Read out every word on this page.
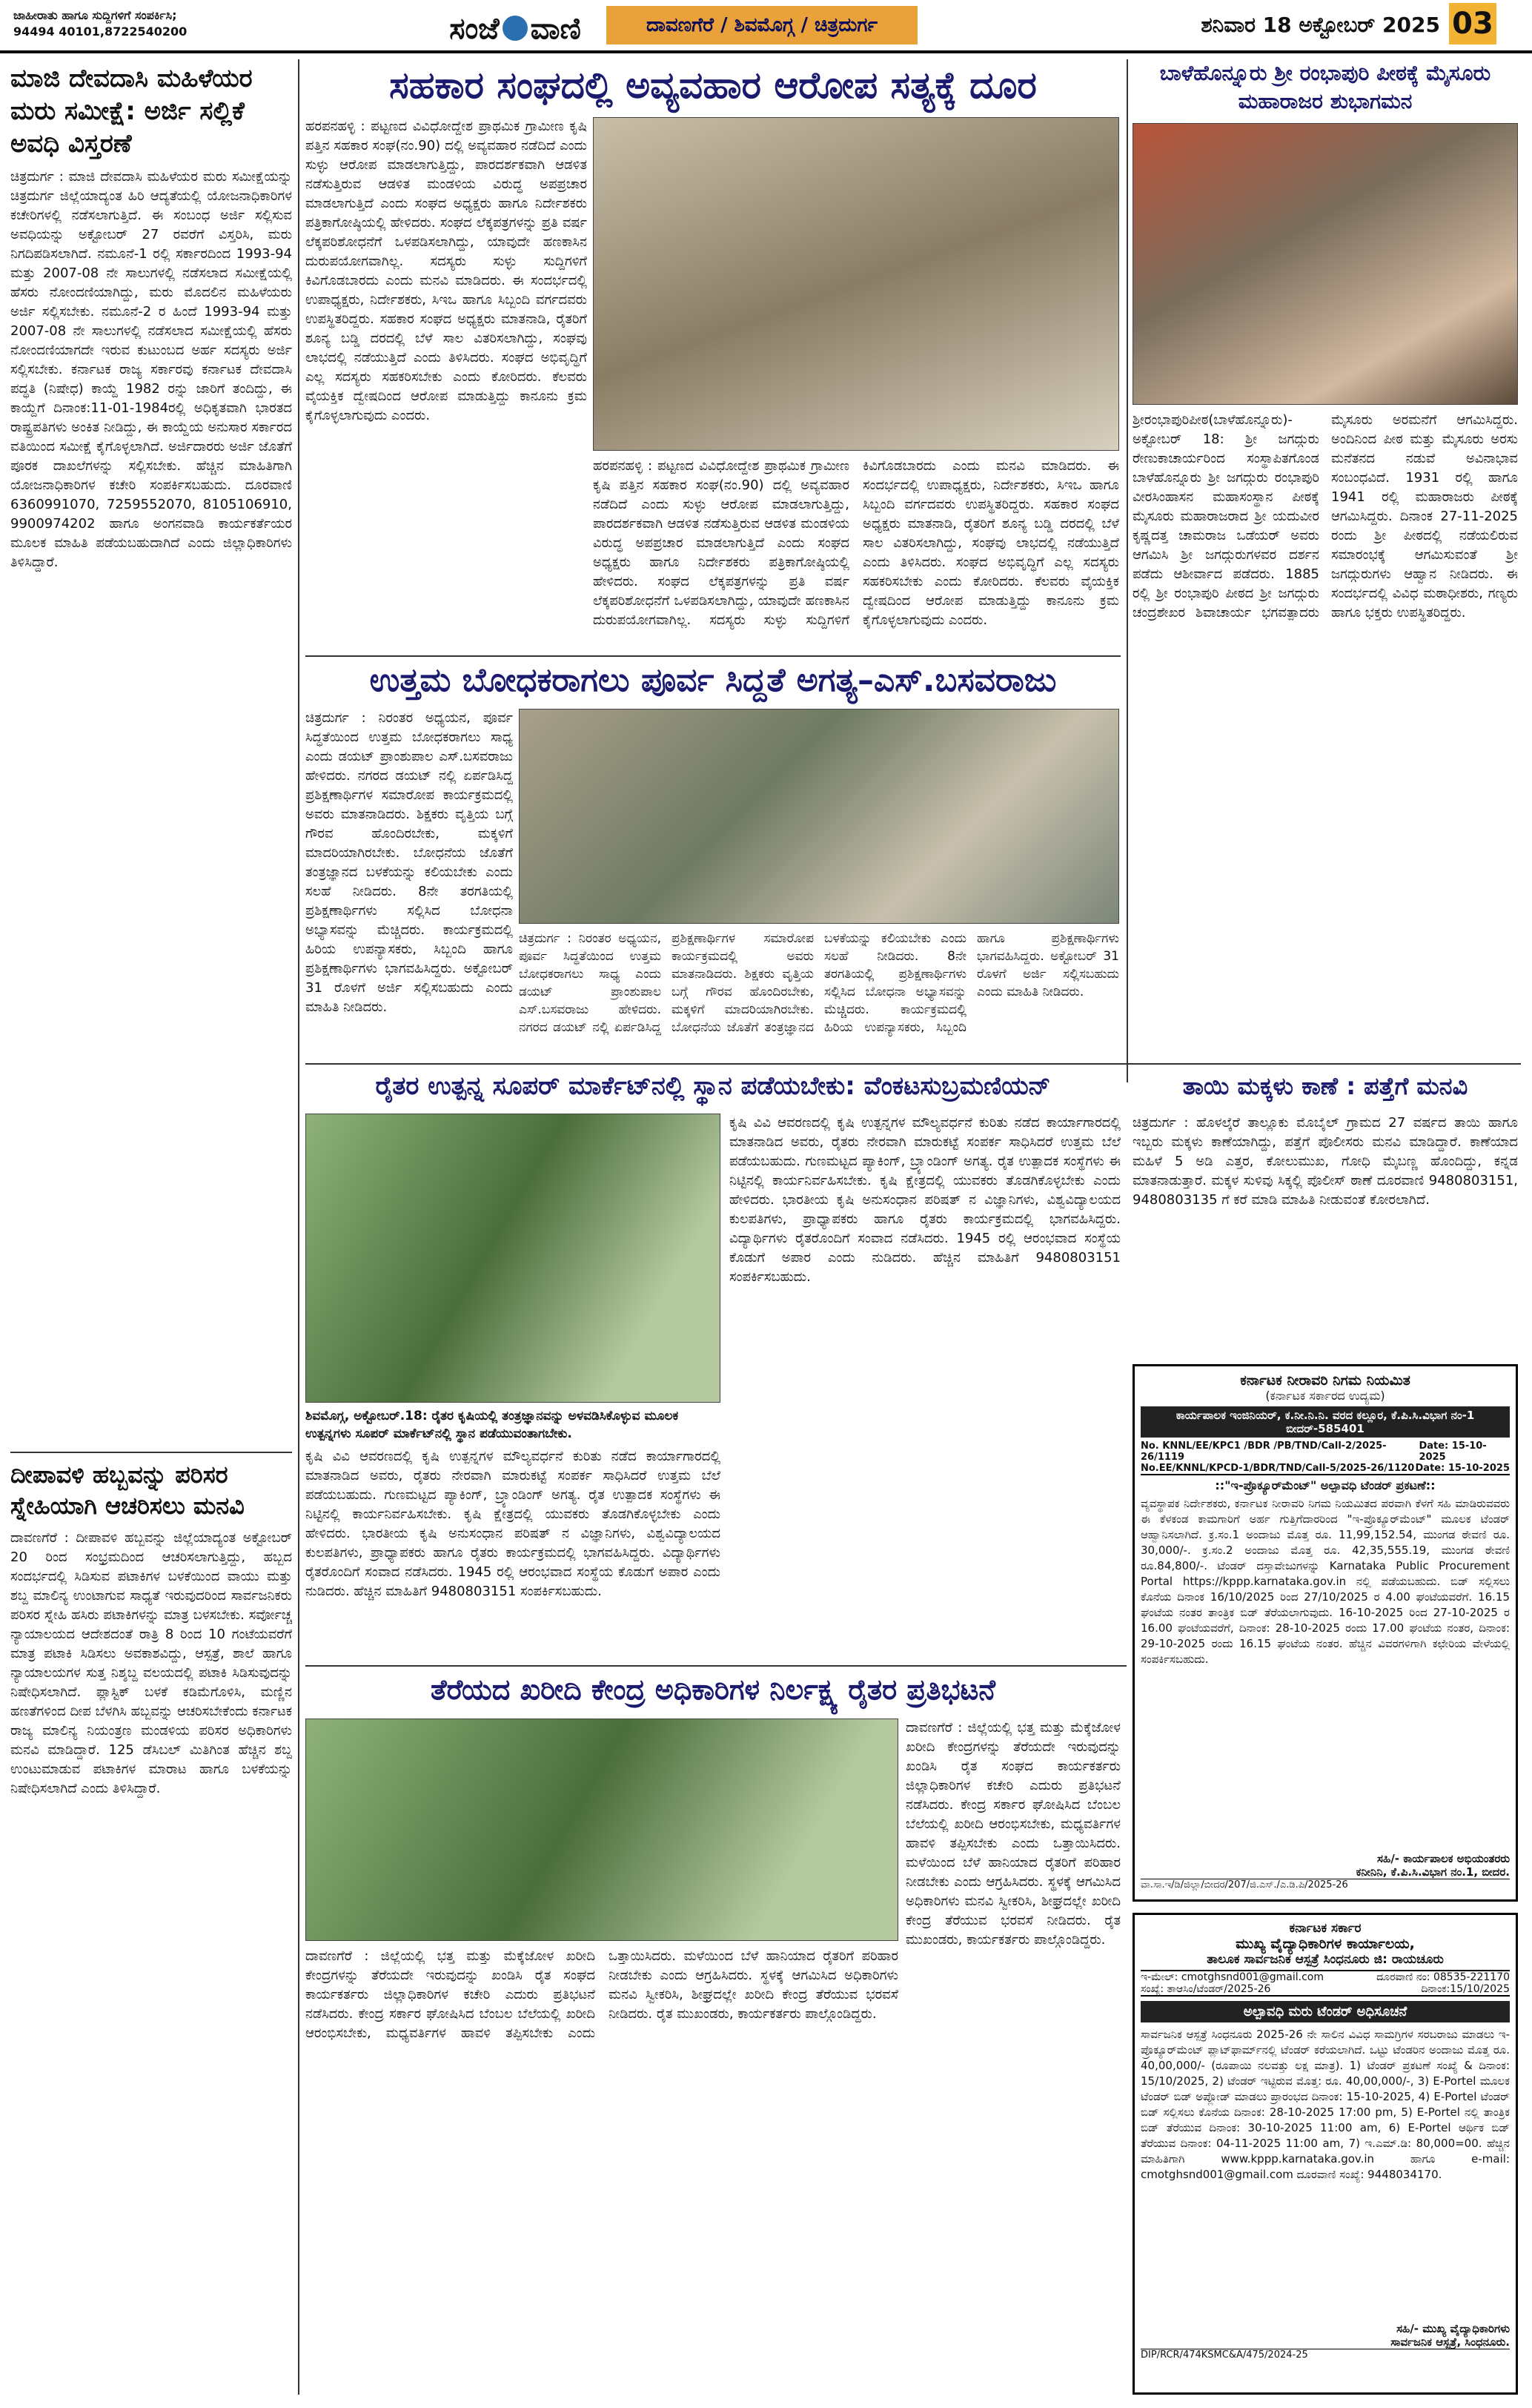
ಜಾಹೀರಾತು ಹಾಗೂ ಸುದ್ದಿಗಳಿಗೆ ಸಂಪರ್ಕಿಸಿ;
94494 40101,8722540200	ಸಂಜೆ ವಾಣಿ	ದಾವಣಗೆರೆ / ಶಿವಮೊಗ್ಗ / ಚಿತ್ರದುರ್ಗ	ಶನಿವಾರ 18 ಅಕ್ಟೋಬರ್ 2025 03
ಮಾಜಿ ದೇವದಾಸಿ ಮಹಿಳೆಯರ ಮರು ಸಮೀಕ್ಷೆ: ಅರ್ಜಿ ಸಲ್ಲಿಕೆ ಅವಧಿ ವಿಸ್ತರಣೆ
ಚಿತ್ರದುರ್ಗ : ಮಾಜಿ ದೇವದಾಸಿ ಮಹಿಳೆಯರ ಮರು ಸಮೀಕ್ಷೆಯನ್ನು ಚಿತ್ರದುರ್ಗ ಜಿಲ್ಲೆಯಾದ್ಯಂತ ಹಿರಿ ಆದ್ಯತೆಯಲ್ಲಿ ಯೋಜನಾಧಿಕಾರಿಗಳ ಕಚೇರಿಗಳಲ್ಲಿ ನಡೆಸಲಾಗುತ್ತಿದೆ. ಈ ಸಂಬಂಧ ಅರ್ಜಿ ಸಲ್ಲಿಸುವ ಅವಧಿಯನ್ನು ಅಕ್ಟೋಬರ್ 27 ರವರೆಗೆ ವಿಸ್ತರಿಸಿ, ಮರು ನಿಗದಿಪಡಿಸಲಾಗಿದೆ. ನಮೂನೆ-1 ರಲ್ಲಿ ಸರ್ಕಾರದಿಂದ 1993-94 ಮತ್ತು 2007-08 ನೇ ಸಾಲುಗಳಲ್ಲಿ ನಡೆಸಲಾದ ಸಮೀಕ್ಷೆಯಲ್ಲಿ ಹೆಸರು ನೋಂದಣಿಯಾಗಿದ್ದು, ಮರು ಮೊದಲಿನ ಮಹಿಳೆಯರು ಅರ್ಜಿ ಸಲ್ಲಿಸಬೇಕು. ನಮೂನೆ-2 ರ ಹಿಂದೆ 1993-94 ಮತ್ತು 2007-08 ನೇ ಸಾಲುಗಳಲ್ಲಿ ನಡೆಸಲಾದ ಸಮೀಕ್ಷೆಯಲ್ಲಿ ಹೆಸರು ನೋಂದಣಿಯಾಗದೇ ಇರುವ ಕುಟುಂಬದ ಅರ್ಹ ಸದಸ್ಯರು ಅರ್ಜಿ ಸಲ್ಲಿಸಬೇಕು. ಕರ್ನಾಟಕ ರಾಜ್ಯ ಸರ್ಕಾರವು ಕರ್ನಾಟಕ ದೇವದಾಸಿ ಪದ್ಧತಿ (ನಿಷೇಧ) ಕಾಯ್ದೆ 1982 ರನ್ನು ಜಾರಿಗೆ ತಂದಿದ್ದು, ಈ ಕಾಯ್ದೆಗೆ ದಿನಾಂಕ:11-01-1984ರಲ್ಲಿ ಅಧಿಕೃತವಾಗಿ ಭಾರತದ ರಾಷ್ಟ್ರಪತಿಗಳು ಅಂಕಿತ ನೀಡಿದ್ದು, ಈ ಕಾಯ್ದೆಯ ಅನುಸಾರ ಸರ್ಕಾರದ ವತಿಯಿಂದ ಸಮೀಕ್ಷೆ ಕೈಗೊಳ್ಳಲಾಗಿದೆ. ಅರ್ಜಿದಾರರು ಅರ್ಜಿ ಜೊತೆಗೆ ಪೂರಕ ದಾಖಲೆಗಳನ್ನು ಸಲ್ಲಿಸಬೇಕು. ಹೆಚ್ಚಿನ ಮಾಹಿತಿಗಾಗಿ ಯೋಜನಾಧಿಕಾರಿಗಳ ಕಚೇರಿ ಸಂಪರ್ಕಿಸಬಹುದು. ದೂರವಾಣಿ 6360991070, 7259552070, 8105106910, 9900974202 ಹಾಗೂ ಅಂಗನವಾಡಿ ಕಾರ್ಯಕರ್ತೆಯರ ಮೂಲಕ ಮಾಹಿತಿ ಪಡೆಯಬಹುದಾಗಿದೆ ಎಂದು ಜಿಲ್ಲಾಧಿಕಾರಿಗಳು ತಿಳಿಸಿದ್ದಾರೆ.
ದೀಪಾವಳಿ ಹಬ್ಬವನ್ನು ಪರಿಸರ ಸ್ನೇಹಿಯಾಗಿ ಆಚರಿಸಲು ಮನವಿ
ದಾವಣಗೆರೆ : ದೀಪಾವಳಿ ಹಬ್ಬವನ್ನು ಜಿಲ್ಲೆಯಾದ್ಯಂತ ಅಕ್ಟೋಬರ್ 20 ರಿಂದ ಸಂಭ್ರಮದಿಂದ ಆಚರಿಸಲಾಗುತ್ತಿದ್ದು, ಹಬ್ಬದ ಸಂದರ್ಭದಲ್ಲಿ ಸಿಡಿಸುವ ಪಟಾಕಿಗಳ ಬಳಕೆಯಿಂದ ವಾಯು ಮತ್ತು ಶಬ್ದ ಮಾಲಿನ್ಯ ಉಂಟಾಗುವ ಸಾಧ್ಯತೆ ಇರುವುದರಿಂದ ಸಾರ್ವಜನಿಕರು ಪರಿಸರ ಸ್ನೇಹಿ ಹಸಿರು ಪಟಾಕಿಗಳನ್ನು ಮಾತ್ರ ಬಳಸಬೇಕು. ಸರ್ವೋಚ್ಚ ನ್ಯಾಯಾಲಯದ ಆದೇಶದಂತೆ ರಾತ್ರಿ 8 ರಿಂದ 10 ಗಂಟೆಯವರೆಗೆ ಮಾತ್ರ ಪಟಾಕಿ ಸಿಡಿಸಲು ಅವಕಾಶವಿದ್ದು, ಆಸ್ಪತ್ರೆ, ಶಾಲೆ ಹಾಗೂ ನ್ಯಾಯಾಲಯಗಳ ಸುತ್ತ ನಿಶ್ಶಬ್ದ ವಲಯದಲ್ಲಿ ಪಟಾಕಿ ಸಿಡಿಸುವುದನ್ನು ನಿಷೇಧಿಸಲಾಗಿದೆ. ಪ್ಲಾಸ್ಟಿಕ್ ಬಳಕೆ ಕಡಿಮೆಗೊಳಿಸಿ, ಮಣ್ಣಿನ ಹಣತೆಗಳಿಂದ ದೀಪ ಬೆಳಗಿಸಿ ಹಬ್ಬವನ್ನು ಆಚರಿಸಬೇಕೆಂದು ಕರ್ನಾಟಕ ರಾಜ್ಯ ಮಾಲಿನ್ಯ ನಿಯಂತ್ರಣ ಮಂಡಳಿಯ ಪರಿಸರ ಅಧಿಕಾರಿಗಳು ಮನವಿ ಮಾಡಿದ್ದಾರೆ. 125 ಡೆಸಿಬಲ್ ಮಿತಿಗಿಂತ ಹೆಚ್ಚಿನ ಶಬ್ದ ಉಂಟುಮಾಡುವ ಪಟಾಕಿಗಳ ಮಾರಾಟ ಹಾಗೂ ಬಳಕೆಯನ್ನು ನಿಷೇಧಿಸಲಾಗಿದೆ ಎಂದು ತಿಳಿಸಿದ್ದಾರೆ.
ಸಹಕಾರ ಸಂಘದಲ್ಲಿ ಅವ್ಯವಹಾರ ಆರೋಪ ಸತ್ಯಕ್ಕೆ ದೂರ
ಹರಪನಹಳ್ಳಿ : ಪಟ್ಟಣದ ವಿವಿಧೋದ್ದೇಶ ಪ್ರಾಥಮಿಕ ಗ್ರಾಮೀಣ ಕೃಷಿ ಪತ್ತಿನ ಸಹಕಾರ ಸಂಘ(ನಂ.90) ದಲ್ಲಿ ಅವ್ಯವಹಾರ ನಡೆದಿದೆ ಎಂದು ಸುಳ್ಳು ಆರೋಪ ಮಾಡಲಾಗುತ್ತಿದ್ದು, ಪಾರದರ್ಶಕವಾಗಿ ಆಡಳಿತ ನಡೆಸುತ್ತಿರುವ ಆಡಳಿತ ಮಂಡಳಿಯ ವಿರುದ್ಧ ಅಪಪ್ರಚಾರ ಮಾಡಲಾಗುತ್ತಿದೆ ಎಂದು ಸಂಘದ ಅಧ್ಯಕ್ಷರು ಹಾಗೂ ನಿರ್ದೇಶಕರು ಪತ್ರಿಕಾಗೋಷ್ಠಿಯಲ್ಲಿ ಹೇಳಿದರು. ಸಂಘದ ಲೆಕ್ಕಪತ್ರಗಳನ್ನು ಪ್ರತಿ ವರ್ಷ ಲೆಕ್ಕಪರಿಶೋಧನೆಗೆ ಒಳಪಡಿಸಲಾಗಿದ್ದು, ಯಾವುದೇ ಹಣಕಾಸಿನ ದುರುಪಯೋಗವಾಗಿಲ್ಲ. ಸದಸ್ಯರು ಸುಳ್ಳು ಸುದ್ದಿಗಳಿಗೆ ಕಿವಿಗೊಡಬಾರದು ಎಂದು ಮನವಿ ಮಾಡಿದರು. ಈ ಸಂದರ್ಭದಲ್ಲಿ ಉಪಾಧ್ಯಕ್ಷರು, ನಿರ್ದೇಶಕರು, ಸಿಇಒ ಹಾಗೂ ಸಿಬ್ಬಂದಿ ವರ್ಗದವರು ಉಪಸ್ಥಿತರಿದ್ದರು. ಸಹಕಾರ ಸಂಘದ ಅಧ್ಯಕ್ಷರು ಮಾತನಾಡಿ, ರೈತರಿಗೆ ಶೂನ್ಯ ಬಡ್ಡಿ ದರದಲ್ಲಿ ಬೆಳೆ ಸಾಲ ವಿತರಿಸಲಾಗಿದ್ದು, ಸಂಘವು ಲಾಭದಲ್ಲಿ ನಡೆಯುತ್ತಿದೆ ಎಂದು ತಿಳಿಸಿದರು. ಸಂಘದ ಅಭಿವೃದ್ಧಿಗೆ ಎಲ್ಲ ಸದಸ್ಯರು ಸಹಕರಿಸಬೇಕು ಎಂದು ಕೋರಿದರು. ಕೆಲವರು ವೈಯಕ್ತಿಕ ದ್ವೇಷದಿಂದ ಆರೋಪ ಮಾಡುತ್ತಿದ್ದು ಕಾನೂನು ಕ್ರಮ ಕೈಗೊಳ್ಳಲಾಗುವುದು ಎಂದರು.
ಹರಪನಹಳ್ಳಿ : ಪಟ್ಟಣದ ವಿವಿಧೋದ್ದೇಶ ಪ್ರಾಥಮಿಕ ಗ್ರಾಮೀಣ ಕೃಷಿ ಪತ್ತಿನ ಸಹಕಾರ ಸಂಘ(ನಂ.90) ದಲ್ಲಿ ಅವ್ಯವಹಾರ ನಡೆದಿದೆ ಎಂದು ಸುಳ್ಳು ಆರೋಪ ಮಾಡಲಾಗುತ್ತಿದ್ದು, ಪಾರದರ್ಶಕವಾಗಿ ಆಡಳಿತ ನಡೆಸುತ್ತಿರುವ ಆಡಳಿತ ಮಂಡಳಿಯ ವಿರುದ್ಧ ಅಪಪ್ರಚಾರ ಮಾಡಲಾಗುತ್ತಿದೆ ಎಂದು ಸಂಘದ ಅಧ್ಯಕ್ಷರು ಹಾಗೂ ನಿರ್ದೇಶಕರು ಪತ್ರಿಕಾಗೋಷ್ಠಿಯಲ್ಲಿ ಹೇಳಿದರು. ಸಂಘದ ಲೆಕ್ಕಪತ್ರಗಳನ್ನು ಪ್ರತಿ ವರ್ಷ ಲೆಕ್ಕಪರಿಶೋಧನೆಗೆ ಒಳಪಡಿಸಲಾಗಿದ್ದು, ಯಾವುದೇ ಹಣಕಾಸಿನ ದುರುಪಯೋಗವಾಗಿಲ್ಲ. ಸದಸ್ಯರು ಸುಳ್ಳು ಸುದ್ದಿಗಳಿಗೆ ಕಿವಿಗೊಡಬಾರದು ಎಂದು ಮನವಿ ಮಾಡಿದರು. ಈ ಸಂದರ್ಭದಲ್ಲಿ ಉಪಾಧ್ಯಕ್ಷರು, ನಿರ್ದೇಶಕರು, ಸಿಇಒ ಹಾಗೂ ಸಿಬ್ಬಂದಿ ವರ್ಗದವರು ಉಪಸ್ಥಿತರಿದ್ದರು. ಸಹಕಾರ ಸಂಘದ ಅಧ್ಯಕ್ಷರು ಮಾತನಾಡಿ, ರೈತರಿಗೆ ಶೂನ್ಯ ಬಡ್ಡಿ ದರದಲ್ಲಿ ಬೆಳೆ ಸಾಲ ವಿತರಿಸಲಾಗಿದ್ದು, ಸಂಘವು ಲಾಭದಲ್ಲಿ ನಡೆಯುತ್ತಿದೆ ಎಂದು ತಿಳಿಸಿದರು. ಸಂಘದ ಅಭಿವೃದ್ಧಿಗೆ ಎಲ್ಲ ಸದಸ್ಯರು ಸಹಕರಿಸಬೇಕು ಎಂದು ಕೋರಿದರು. ಕೆಲವರು ವೈಯಕ್ತಿಕ ದ್ವೇಷದಿಂದ ಆರೋಪ ಮಾಡುತ್ತಿದ್ದು ಕಾನೂನು ಕ್ರಮ ಕೈಗೊಳ್ಳಲಾಗುವುದು ಎಂದರು.
ಉತ್ತಮ ಬೋಧಕರಾಗಲು ಪೂರ್ವ ಸಿದ್ದತೆ ಅಗತ್ಯ–ಎಸ್.ಬಸವರಾಜು
ಚಿತ್ರದುರ್ಗ : ನಿರಂತರ ಅಧ್ಯಯನ, ಪೂರ್ವ ಸಿದ್ಧತೆಯಿಂದ ಉತ್ತಮ ಬೋಧಕರಾಗಲು ಸಾಧ್ಯ ಎಂದು ಡಯಟ್ ಪ್ರಾಂಶುಪಾಲ ಎಸ್.ಬಸವರಾಜು ಹೇಳಿದರು. ನಗರದ ಡಯಟ್ ನಲ್ಲಿ ಏರ್ಪಡಿಸಿದ್ದ ಪ್ರಶಿಕ್ಷಣಾರ್ಥಿಗಳ ಸಮಾರೋಪ ಕಾರ್ಯಕ್ರಮದಲ್ಲಿ ಅವರು ಮಾತನಾಡಿದರು. ಶಿಕ್ಷಕರು ವೃತ್ತಿಯ ಬಗ್ಗೆ ಗೌರವ ಹೊಂದಿರಬೇಕು, ಮಕ್ಕಳಿಗೆ ಮಾದರಿಯಾಗಿರಬೇಕು. ಬೋಧನೆಯ ಜೊತೆಗೆ ತಂತ್ರಜ್ಞಾನದ ಬಳಕೆಯನ್ನು ಕಲಿಯಬೇಕು ಎಂದು ಸಲಹೆ ನೀಡಿದರು. 8ನೇ ತರಗತಿಯಲ್ಲಿ ಪ್ರಶಿಕ್ಷಣಾರ್ಥಿಗಳು ಸಲ್ಲಿಸಿದ ಬೋಧನಾ ಅಭ್ಯಾಸವನ್ನು ಮೆಚ್ಚಿದರು. ಕಾರ್ಯಕ್ರಮದಲ್ಲಿ ಹಿರಿಯ ಉಪನ್ಯಾಸಕರು, ಸಿಬ್ಬಂದಿ ಹಾಗೂ ಪ್ರಶಿಕ್ಷಣಾರ್ಥಿಗಳು ಭಾಗವಹಿಸಿದ್ದರು. ಅಕ್ಟೋಬರ್ 31 ರೊಳಗೆ ಅರ್ಜಿ ಸಲ್ಲಿಸಬಹುದು ಎಂದು ಮಾಹಿತಿ ನೀಡಿದರು.
ಚಿತ್ರದುರ್ಗ : ನಿರಂತರ ಅಧ್ಯಯನ, ಪೂರ್ವ ಸಿದ್ಧತೆಯಿಂದ ಉತ್ತಮ ಬೋಧಕರಾಗಲು ಸಾಧ್ಯ ಎಂದು ಡಯಟ್ ಪ್ರಾಂಶುಪಾಲ ಎಸ್.ಬಸವರಾಜು ಹೇಳಿದರು. ನಗರದ ಡಯಟ್ ನಲ್ಲಿ ಏರ್ಪಡಿಸಿದ್ದ ಪ್ರಶಿಕ್ಷಣಾರ್ಥಿಗಳ ಸಮಾರೋಪ ಕಾರ್ಯಕ್ರಮದಲ್ಲಿ ಅವರು ಮಾತನಾಡಿದರು. ಶಿಕ್ಷಕರು ವೃತ್ತಿಯ ಬಗ್ಗೆ ಗೌರವ ಹೊಂದಿರಬೇಕು, ಮಕ್ಕಳಿಗೆ ಮಾದರಿಯಾಗಿರಬೇಕು. ಬೋಧನೆಯ ಜೊತೆಗೆ ತಂತ್ರಜ್ಞಾನದ ಬಳಕೆಯನ್ನು ಕಲಿಯಬೇಕು ಎಂದು ಸಲಹೆ ನೀಡಿದರು. 8ನೇ ತರಗತಿಯಲ್ಲಿ ಪ್ರಶಿಕ್ಷಣಾರ್ಥಿಗಳು ಸಲ್ಲಿಸಿದ ಬೋಧನಾ ಅಭ್ಯಾಸವನ್ನು ಮೆಚ್ಚಿದರು. ಕಾರ್ಯಕ್ರಮದಲ್ಲಿ ಹಿರಿಯ ಉಪನ್ಯಾಸಕರು, ಸಿಬ್ಬಂದಿ ಹಾಗೂ ಪ್ರಶಿಕ್ಷಣಾರ್ಥಿಗಳು ಭಾಗವಹಿಸಿದ್ದರು. ಅಕ್ಟೋಬರ್ 31 ರೊಳಗೆ ಅರ್ಜಿ ಸಲ್ಲಿಸಬಹುದು ಎಂದು ಮಾಹಿತಿ ನೀಡಿದರು.
ಬಾಳೆಹೊನ್ನೂರು ಶ್ರೀ ರಂಭಾಪುರಿ ಪೀಠಕ್ಕೆ ಮೈಸೂರು ಮಹಾರಾಜರ ಶುಭಾಗಮನ
ಶ್ರೀರಂಭಾಪುರಿಪೀಠ(ಬಾಳೆಹೊನ್ನೂರು)- ಅಕ್ಟೋಬರ್ 18: ಶ್ರೀ ಜಗದ್ಗುರು ರೇಣುಕಾಚಾರ್ಯರಿಂದ ಸಂಸ್ಥಾಪಿತಗೊಂಡ ಬಾಳೆಹೊನ್ನೂರು ಶ್ರೀ ಜಗದ್ಗುರು ರಂಭಾಪುರಿ ವೀರಸಿಂಹಾಸನ ಮಹಾಸಂಸ್ಥಾನ ಪೀಠಕ್ಕೆ ಮೈಸೂರು ಮಹಾರಾಜರಾದ ಶ್ರೀ ಯದುವೀರ ಕೃಷ್ಣದತ್ತ ಚಾಮರಾಜ ಒಡೆಯರ್ ಅವರು ಆಗಮಿಸಿ ಶ್ರೀ ಜಗದ್ಗುರುಗಳವರ ದರ್ಶನ ಪಡೆದು ಆಶೀರ್ವಾದ ಪಡೆದರು. 1885 ರಲ್ಲಿ ಶ್ರೀ ರಂಭಾಪುರಿ ಪೀಠದ ಶ್ರೀ ಜಗದ್ಗುರು ಚಂದ್ರಶೇಖರ ಶಿವಾಚಾರ್ಯ ಭಗವತ್ಪಾದರು ಮೈಸೂರು ಅರಮನೆಗೆ ಆಗಮಿಸಿದ್ದರು. ಅಂದಿನಿಂದ ಪೀಠ ಮತ್ತು ಮೈಸೂರು ಅರಸು ಮನೆತನದ ನಡುವೆ ಅವಿನಾಭಾವ ಸಂಬಂಧವಿದೆ. 1931 ರಲ್ಲಿ ಹಾಗೂ 1941 ರಲ್ಲಿ ಮಹಾರಾಜರು ಪೀಠಕ್ಕೆ ಆಗಮಿಸಿದ್ದರು. ದಿನಾಂಕ 27-11-2025 ರಂದು ಶ್ರೀ ಪೀಠದಲ್ಲಿ ನಡೆಯಲಿರುವ ಸಮಾರಂಭಕ್ಕೆ ಆಗಮಿಸುವಂತೆ ಶ್ರೀ ಜಗದ್ಗುರುಗಳು ಆಹ್ವಾನ ನೀಡಿದರು. ಈ ಸಂದರ್ಭದಲ್ಲಿ ವಿವಿಧ ಮಠಾಧೀಶರು, ಗಣ್ಯರು ಹಾಗೂ ಭಕ್ತರು ಉಪಸ್ಥಿತರಿದ್ದರು.
ರೈತರ ಉತ್ಪನ್ನ ಸೂಪರ್ ಮಾರ್ಕೆಟ್‌ನಲ್ಲಿ ಸ್ಥಾನ ಪಡೆಯಬೇಕು: ವೆಂಕಟಸುಬ್ರಮಣಿಯನ್
ಶಿವಮೊಗ್ಗ, ಅಕ್ಟೋಬರ್.18: ರೈತರ ಕೃಷಿಯಲ್ಲಿ ತಂತ್ರಜ್ಞಾನವನ್ನು ಅಳವಡಿಸಿಕೊಳ್ಳುವ ಮೂಲಕ ಉತ್ಪನ್ನಗಳು ಸೂಪರ್ ಮಾರ್ಕೆಟ್‌ನಲ್ಲಿ ಸ್ಥಾನ ಪಡೆಯುವಂತಾಗಬೇಕು.
ಕೃಷಿ ವಿವಿ ಆವರಣದಲ್ಲಿ ಕೃಷಿ ಉತ್ಪನ್ನಗಳ ಮೌಲ್ಯವರ್ಧನೆ ಕುರಿತು ನಡೆದ ಕಾರ್ಯಾಗಾರದಲ್ಲಿ ಮಾತನಾಡಿದ ಅವರು, ರೈತರು ನೇರವಾಗಿ ಮಾರುಕಟ್ಟೆ ಸಂಪರ್ಕ ಸಾಧಿಸಿದರೆ ಉತ್ತಮ ಬೆಲೆ ಪಡೆಯಬಹುದು. ಗುಣಮಟ್ಟದ ಪ್ಯಾಕಿಂಗ್, ಬ್ರ್ಯಾಂಡಿಂಗ್ ಅಗತ್ಯ. ರೈತ ಉತ್ಪಾದಕ ಸಂಸ್ಥೆಗಳು ಈ ನಿಟ್ಟಿನಲ್ಲಿ ಕಾರ್ಯನಿರ್ವಹಿಸಬೇಕು. ಕೃಷಿ ಕ್ಷೇತ್ರದಲ್ಲಿ ಯುವಕರು ತೊಡಗಿಕೊಳ್ಳಬೇಕು ಎಂದು ಹೇಳಿದರು. ಭಾರತೀಯ ಕೃಷಿ ಅನುಸಂಧಾನ ಪರಿಷತ್ ನ ವಿಜ್ಞಾನಿಗಳು, ವಿಶ್ವವಿದ್ಯಾಲಯದ ಕುಲಪತಿಗಳು, ಪ್ರಾಧ್ಯಾಪಕರು ಹಾಗೂ ರೈತರು ಕಾರ್ಯಕ್ರಮದಲ್ಲಿ ಭಾಗವಹಿಸಿದ್ದರು. ವಿದ್ಯಾರ್ಥಿಗಳು ರೈತರೊಂದಿಗೆ ಸಂವಾದ ನಡೆಸಿದರು. 1945 ರಲ್ಲಿ ಆರಂಭವಾದ ಸಂಸ್ಥೆಯ ಕೊಡುಗೆ ಅಪಾರ ಎಂದು ನುಡಿದರು. ಹೆಚ್ಚಿನ ಮಾಹಿತಿಗೆ 9480803151 ಸಂಪರ್ಕಿಸಬಹುದು.
ಕೃಷಿ ವಿವಿ ಆವರಣದಲ್ಲಿ ಕೃಷಿ ಉತ್ಪನ್ನಗಳ ಮೌಲ್ಯವರ್ಧನೆ ಕುರಿತು ನಡೆದ ಕಾರ್ಯಾಗಾರದಲ್ಲಿ ಮಾತನಾಡಿದ ಅವರು, ರೈತರು ನೇರವಾಗಿ ಮಾರುಕಟ್ಟೆ ಸಂಪರ್ಕ ಸಾಧಿಸಿದರೆ ಉತ್ತಮ ಬೆಲೆ ಪಡೆಯಬಹುದು. ಗುಣಮಟ್ಟದ ಪ್ಯಾಕಿಂಗ್, ಬ್ರ್ಯಾಂಡಿಂಗ್ ಅಗತ್ಯ. ರೈತ ಉತ್ಪಾದಕ ಸಂಸ್ಥೆಗಳು ಈ ನಿಟ್ಟಿನಲ್ಲಿ ಕಾರ್ಯನಿರ್ವಹಿಸಬೇಕು. ಕೃಷಿ ಕ್ಷೇತ್ರದಲ್ಲಿ ಯುವಕರು ತೊಡಗಿಕೊಳ್ಳಬೇಕು ಎಂದು ಹೇಳಿದರು. ಭಾರತೀಯ ಕೃಷಿ ಅನುಸಂಧಾನ ಪರಿಷತ್ ನ ವಿಜ್ಞಾನಿಗಳು, ವಿಶ್ವವಿದ್ಯಾಲಯದ ಕುಲಪತಿಗಳು, ಪ್ರಾಧ್ಯಾಪಕರು ಹಾಗೂ ರೈತರು ಕಾರ್ಯಕ್ರಮದಲ್ಲಿ ಭಾಗವಹಿಸಿದ್ದರು. ವಿದ್ಯಾರ್ಥಿಗಳು ರೈತರೊಂದಿಗೆ ಸಂವಾದ ನಡೆಸಿದರು. 1945 ರಲ್ಲಿ ಆರಂಭವಾದ ಸಂಸ್ಥೆಯ ಕೊಡುಗೆ ಅಪಾರ ಎಂದು ನುಡಿದರು. ಹೆಚ್ಚಿನ ಮಾಹಿತಿಗೆ 9480803151 ಸಂಪರ್ಕಿಸಬಹುದು.
ತಾಯಿ ಮಕ್ಕಳು ಕಾಣೆ : ಪತ್ತೆಗೆ ಮನವಿ
ಚಿತ್ರದುರ್ಗ : ಹೊಳಲ್ಕೆರೆ ತಾಲ್ಲೂಕು ಮೊಬೈಲ್ ಗ್ರಾಮದ 27 ವರ್ಷದ ತಾಯಿ ಹಾಗೂ ಇಬ್ಬರು ಮಕ್ಕಳು ಕಾಣೆಯಾಗಿದ್ದು, ಪತ್ತೆಗೆ ಪೊಲೀಸರು ಮನವಿ ಮಾಡಿದ್ದಾರೆ. ಕಾಣೆಯಾದ ಮಹಿಳೆ 5 ಅಡಿ ಎತ್ತರ, ಕೋಲುಮುಖ, ಗೋಧಿ ಮೈಬಣ್ಣ ಹೊಂದಿದ್ದು, ಕನ್ನಡ ಮಾತನಾಡುತ್ತಾರೆ. ಮಕ್ಕಳ ಸುಳಿವು ಸಿಕ್ಕಲ್ಲಿ ಪೊಲೀಸ್ ಠಾಣೆ ದೂರವಾಣಿ 9480803151, 9480803135 ಗೆ ಕರೆ ಮಾಡಿ ಮಾಹಿತಿ ನೀಡುವಂತೆ ಕೋರಲಾಗಿದೆ.
ಕರ್ನಾಟಕ ನೀರಾವರಿ ನಿಗಮ ನಿಯಮಿತ
(ಕರ್ನಾಟಕ ಸರ್ಕಾರದ ಉದ್ಯಮ)
ಕಾರ್ಯಪಾಲಕ ಇಂಜಿನಿಯರ್, ಕ.ನೀ.ನಿ.ನಿ. ವರದ ಕಲ್ಲೂರ, ಕೆ.ಪಿ.ಸಿ.ವಿಭಾಗ ನಂ-1 ಬೀದರ್-585401
No. KNNL/EE/KPC1 /BDR /PB/TND/Call-2/2025-26/1119
Date: 15-10-2025
No.EE/KNNL/KPCD-1/BDR/TND/Call-5/2025-26/1120 Date: 15-10-2025
::"ಇ-ಪ್ರೊಕ್ಯೂರ್‌ಮೆಂಟ್" ಅಲ್ಪಾವಧಿ ಟೆಂಡರ್ ಪ್ರಕಟಣೆ::
ವ್ಯವಸ್ಥಾಪಕ ನಿರ್ದೇಶಕರು, ಕರ್ನಾಟಕ ನೀರಾವರಿ ನಿಗಮ ನಿಯಮಿತದ ಪರವಾಗಿ ಕೆಳಗೆ ಸಹಿ ಮಾಡಿರುವವರು ಈ ಕೆಳಕಂಡ ಕಾಮಗಾರಿಗೆ ಅರ್ಹ ಗುತ್ತಿಗೆದಾರರಿಂದ "ಇ-ಪ್ರೊಕ್ಯೂರ್‌ಮೆಂಟ್" ಮೂಲಕ ಟೆಂಡರ್ ಆಹ್ವಾನಿಸಲಾಗಿದೆ. ಕ್ರ.ಸಂ.1 ಅಂದಾಜು ಮೊತ್ತ ರೂ. 11,99,152.54, ಮುಂಗಡ ಠೇವಣಿ ರೂ. 30,000/-. ಕ್ರ.ಸಂ.2 ಅಂದಾಜು ಮೊತ್ತ ರೂ. 42,35,555.19, ಮುಂಗಡ ಠೇವಣಿ ರೂ.84,800/-. ಟೆಂಡರ್ ದಸ್ತಾವೇಜುಗಳನ್ನು Karnataka Public Procurement Portal https://kppp.karnataka.gov.in ನಲ್ಲಿ ಪಡೆಯಬಹುದು. ಬಿಡ್ ಸಲ್ಲಿಸಲು ಕೊನೆಯ ದಿನಾಂಕ 16/10/2025 ರಿಂದ 27/10/2025 ರ 4.00 ಘಂಟೆಯವರೆಗೆ. 16.15 ಘಂಟೆಯ ನಂತರ ತಾಂತ್ರಿಕ ಬಿಡ್ ತೆರೆಯಲಾಗುವುದು. 16-10-2025 ರಿಂದ 27-10-2025 ರ 16.00 ಘಂಟೆಯವರೆಗೆ, ದಿನಾಂಕ: 28-10-2025 ರಂದು 17.00 ಘಂಟೆಯ ನಂತರ, ದಿನಾಂಕ: 29-10-2025 ರಂದು 16.15 ಘಂಟೆಯ ನಂತರ. ಹೆಚ್ಚಿನ ವಿವರಗಳಿಗಾಗಿ ಕಛೇರಿಯ ವೇಳೆಯಲ್ಲಿ ಸಂಪರ್ಕಿಸಬಹುದು.
ಸಹಿ/- ಕಾರ್ಯಪಾಲಕ ಅಭಿಯಂತರರು
ಕನೀನಿನಿ, ಕೆ.ಪಿ.ಸಿ.ವಿಭಾಗ ನಂ.1, ಬೀದರ.
ವಾ.ಸಾ.ಇ/ಡಿ/ಜಿಲ್ಲಾ/ಬೀದರ/207/ಜಿ.ಎಸ್./ಎ.ಡಿ.ಪಿ/2025-26
ತೆರೆಯದ ಖರೀದಿ ಕೇಂದ್ರ ಅಧಿಕಾರಿಗಳ ನಿರ್ಲಕ್ಷ್ಯ ರೈತರ ಪ್ರತಿಭಟನೆ
ದಾವಣಗೆರೆ : ಜಿಲ್ಲೆಯಲ್ಲಿ ಭತ್ತ ಮತ್ತು ಮೆಕ್ಕೆಜೋಳ ಖರೀದಿ ಕೇಂದ್ರಗಳನ್ನು ತೆರೆಯದೇ ಇರುವುದನ್ನು ಖಂಡಿಸಿ ರೈತ ಸಂಘದ ಕಾರ್ಯಕರ್ತರು ಜಿಲ್ಲಾಧಿಕಾರಿಗಳ ಕಚೇರಿ ಎದುರು ಪ್ರತಿಭಟನೆ ನಡೆಸಿದರು. ಕೇಂದ್ರ ಸರ್ಕಾರ ಘೋಷಿಸಿದ ಬೆಂಬಲ ಬೆಲೆಯಲ್ಲಿ ಖರೀದಿ ಆರಂಭಿಸಬೇಕು, ಮಧ್ಯವರ್ತಿಗಳ ಹಾವಳಿ ತಪ್ಪಿಸಬೇಕು ಎಂದು ಒತ್ತಾಯಿಸಿದರು. ಮಳೆಯಿಂದ ಬೆಳೆ ಹಾನಿಯಾದ ರೈತರಿಗೆ ಪರಿಹಾರ ನೀಡಬೇಕು ಎಂದು ಆಗ್ರಹಿಸಿದರು. ಸ್ಥಳಕ್ಕೆ ಆಗಮಿಸಿದ ಅಧಿಕಾರಿಗಳು ಮನವಿ ಸ್ವೀಕರಿಸಿ, ಶೀಘ್ರದಲ್ಲೇ ಖರೀದಿ ಕೇಂದ್ರ ತೆರೆಯುವ ಭರವಸೆ ನೀಡಿದರು. ರೈತ ಮುಖಂಡರು, ಕಾರ್ಯಕರ್ತರು ಪಾಲ್ಗೊಂಡಿದ್ದರು.
ದಾವಣಗೆರೆ : ಜಿಲ್ಲೆಯಲ್ಲಿ ಭತ್ತ ಮತ್ತು ಮೆಕ್ಕೆಜೋಳ ಖರೀದಿ ಕೇಂದ್ರಗಳನ್ನು ತೆರೆಯದೇ ಇರುವುದನ್ನು ಖಂಡಿಸಿ ರೈತ ಸಂಘದ ಕಾರ್ಯಕರ್ತರು ಜಿಲ್ಲಾಧಿಕಾರಿಗಳ ಕಚೇರಿ ಎದುರು ಪ್ರತಿಭಟನೆ ನಡೆಸಿದರು. ಕೇಂದ್ರ ಸರ್ಕಾರ ಘೋಷಿಸಿದ ಬೆಂಬಲ ಬೆಲೆಯಲ್ಲಿ ಖರೀದಿ ಆರಂಭಿಸಬೇಕು, ಮಧ್ಯವರ್ತಿಗಳ ಹಾವಳಿ ತಪ್ಪಿಸಬೇಕು ಎಂದು ಒತ್ತಾಯಿಸಿದರು. ಮಳೆಯಿಂದ ಬೆಳೆ ಹಾನಿಯಾದ ರೈತರಿಗೆ ಪರಿಹಾರ ನೀಡಬೇಕು ಎಂದು ಆಗ್ರಹಿಸಿದರು. ಸ್ಥಳಕ್ಕೆ ಆಗಮಿಸಿದ ಅಧಿಕಾರಿಗಳು ಮನವಿ ಸ್ವೀಕರಿಸಿ, ಶೀಘ್ರದಲ್ಲೇ ಖರೀದಿ ಕೇಂದ್ರ ತೆರೆಯುವ ಭರವಸೆ ನೀಡಿದರು. ರೈತ ಮುಖಂಡರು, ಕಾರ್ಯಕರ್ತರು ಪಾಲ್ಗೊಂಡಿದ್ದರು.
ಕರ್ನಾಟಕ ಸರ್ಕಾರ
ಮುಖ್ಯ ವೈದ್ಯಾಧಿಕಾರಿಗಳ ಕಾರ್ಯಾಲಯ,
ತಾಲೂಕ ಸಾರ್ವಜನಿಕ ಆಸ್ಪತ್ರೆ ಸಿಂಧನೂರು ಜಿ: ರಾಯಚೂರು
ಇ-ಮೇಲ್: cmotghsnd001@gmail.com	ದೂರವಾಣಿ ನಂ: 08535-221170
ಸಂಖ್ಯೆ: ತಾಆಸಿಂ/ಟೆಂಡರ್/2025-26	ದಿನಾಂಕ:15/10/2025
ಅಲ್ಪಾವಧಿ ಮರು ಟೆಂಡರ್ ಅಧಿಸೂಚನೆ
ಸಾರ್ವಜನಿಕ ಆಸ್ಪತ್ರೆ ಸಿಂಧನೂರು 2025-26 ನೇ ಸಾಲಿನ ವಿವಿಧ ಸಾಮಗ್ರಿಗಳ ಸರಬರಾಜು ಮಾಡಲು ಇ-ಪ್ರೊಕ್ಯೂರ್‌ಮೆಂಟ್ ಪ್ಲಾಟ್‌ಫಾರ್ಮ್‌ನಲ್ಲಿ ಟೆಂಡರ್ ಕರೆಯಲಾಗಿದೆ. ಒಟ್ಟು ಟೆಂಡರಿನ ಅಂದಾಜು ಮೊತ್ತ ರೂ. 40,00,000/- (ರೂಪಾಯಿ ನಲವತ್ತು ಲಕ್ಷ ಮಾತ್ರ). 1) ಟೆಂಡರ್ ಪ್ರಕಟಣೆ ಸಂಖ್ಯೆ & ದಿನಾಂಕ: 15/10/2025, 2) ಟೆಂಡರ್ ಇಟ್ಟಿರುವ ಮೊತ್ತ: ರೂ. 40,00,000/-, 3) E-Portel ಮೂಲಕ ಟೆಂಡರ್ ಬಿಡ್ ಅಪ್ಲೋಡ್ ಮಾಡಲು ಪ್ರಾರಂಭದ ದಿನಾಂಕ: 15-10-2025, 4) E-Portel ಟೆಂಡರ್ ಬಿಡ್ ಸಲ್ಲಿಸಲು ಕೊನೆಯ ದಿನಾಂಕ: 28-10-2025 17:00 pm, 5) E-Portel ನಲ್ಲಿ ತಾಂತ್ರಿಕ ಬಿಡ್ ತೆರೆಯುವ ದಿನಾಂಕ: 30-10-2025 11:00 am, 6) E-Portel ಆರ್ಥಿಕ ಬಿಡ್ ತೆರೆಯುವ ದಿನಾಂಕ: 04-11-2025 11:00 am, 7) ಇ.ಎಮ್.ಡಿ: 80,000=00. ಹೆಚ್ಚಿನ ಮಾಹಿತಿಗಾಗಿ www.kppp.karnataka.gov.in ಹಾಗೂ e-mail: cmotghsnd001@gmail.com ದೂರವಾಣಿ ಸಂಖ್ಯೆ: 9448034170.
ಸಹಿ/- ಮುಖ್ಯ ವೈದ್ಯಾಧಿಕಾರಿಗಳು
ಸಾರ್ವಜನಿಕ ಆಸ್ಪತ್ರೆ, ಸಿಂಧನೂರು.
DIP/RCR/474KSMC&A/475/2024-25
